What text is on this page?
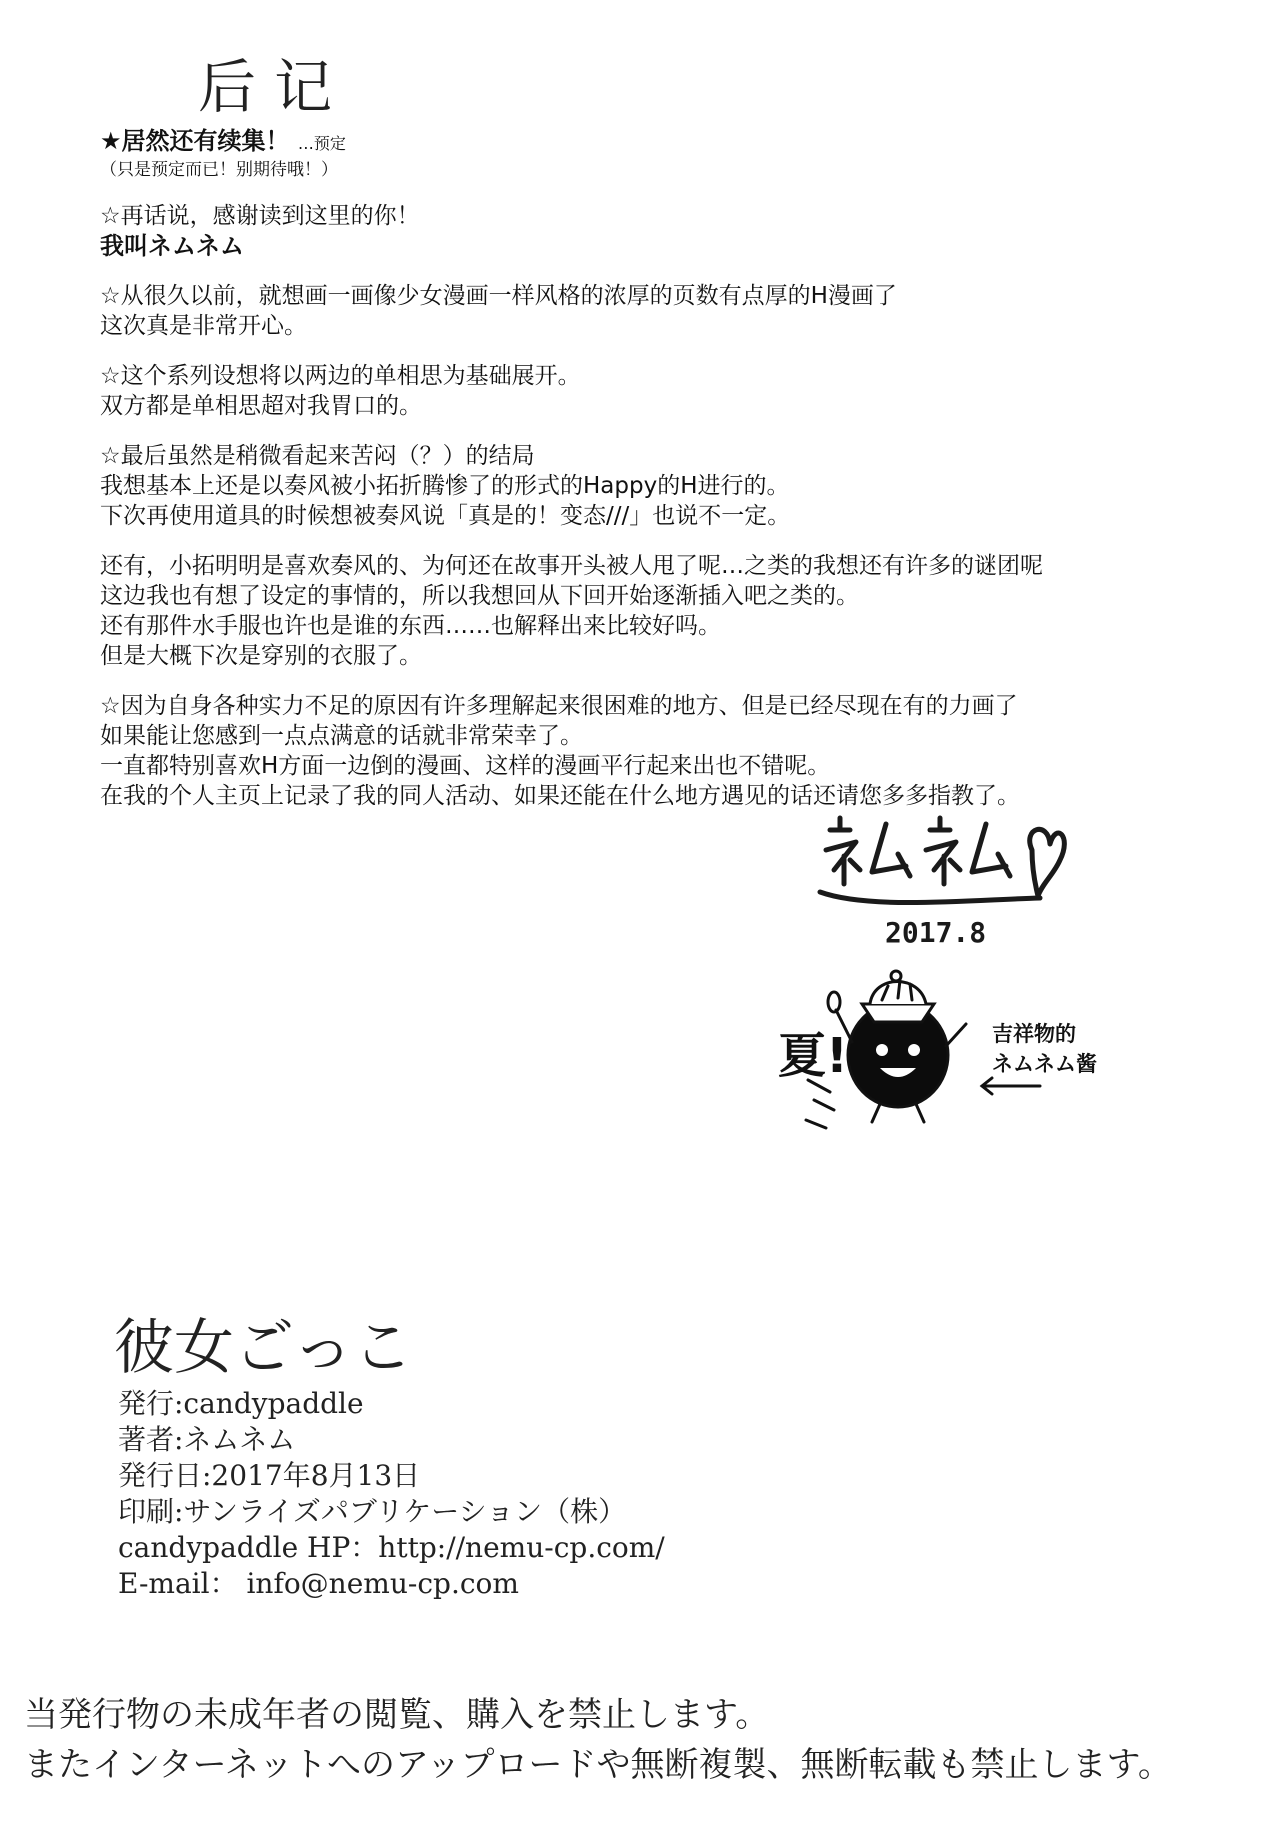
后记
★居然还有续集！ …预定
（只是预定而已！别期待哦！）
☆再话说，感谢读到这里的你！
我叫ネムネム
☆从很久以前，就想画一画像少女漫画一样风格的浓厚的页数有点厚的H漫画了
这次真是非常开心。
☆这个系列设想将以两边的单相思为基础展开。
双方都是单相思超对我胃口的。
☆最后虽然是稍微看起来苦闷（？）的结局
我想基本上还是以奏风被小拓折腾惨了的形式的Happy的H进行的。
下次再使用道具的时候想被奏风说「真是的！变态///」也说不一定。
还有，小拓明明是喜欢奏风的、为何还在故事开头被人甩了呢…之类的我想还有许多的谜团呢
这边我也有想了设定的事情的，所以我想回从下回开始逐渐插入吧之类的。
还有那件水手服也许也是谁的东西……也解释出来比较好吗。
但是大概下次是穿别的衣服了。
☆因为自身各种实力不足的原因有许多理解起来很困难的地方、但是已经尽现在有的力画了
如果能让您感到一点点满意的话就非常荣幸了。
一直都特别喜欢H方面一边倒的漫画、这样的漫画平行起来出也不错呢。
在我的个人主页上记录了我的同人活动、如果还能在什么地方遇见的话还请您多多指教了。
2017.8
夏!	吉祥物的
ネムネム酱
彼女ごっこ
発行:candypaddle
著者:ネムネム
発行日:2017年8月13日
印刷:サンライズパブリケーション（株）
candypaddle HP：http://nemu-cp.com/
E-mail： info@nemu-cp.com
当発行物の未成年者の閲覧、購入を禁止します。
またインターネットへのアップロードや無断複製、無断転載も禁止します。
